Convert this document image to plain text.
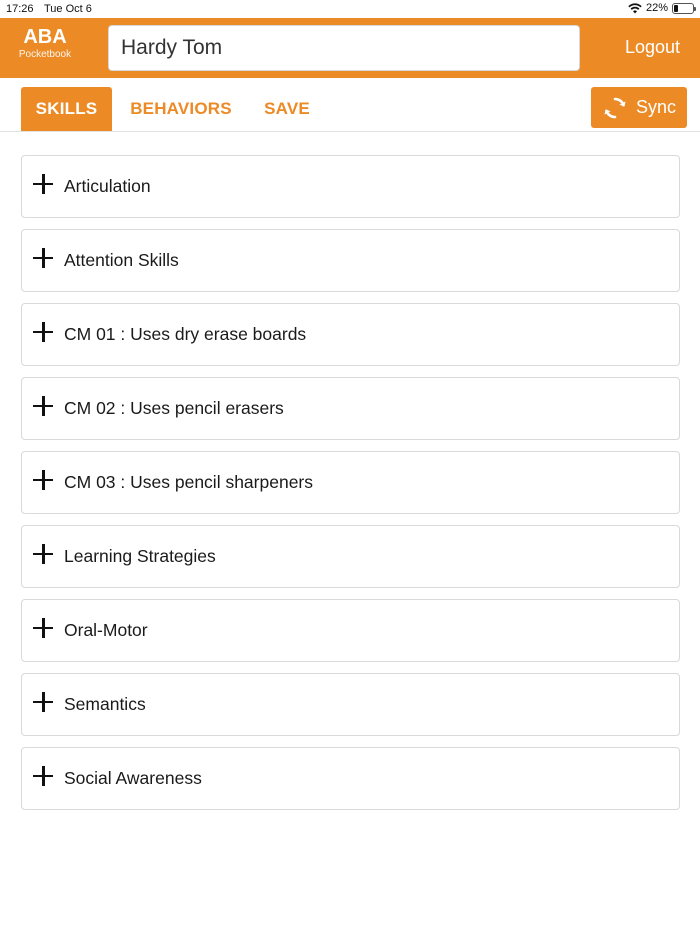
17:26 Tue Oct 6	22%
ABA
Pocketbook
Hardy Tom	Logout
SKILLS	BEHAVIORS	SAVE	Sync
Articulation
Attention Skills
CM 01 : Uses dry erase boards
CM 02 : Uses pencil erasers
CM 03 : Uses pencil sharpeners
Learning Strategies
Oral-Motor
Semantics
Social Awareness
